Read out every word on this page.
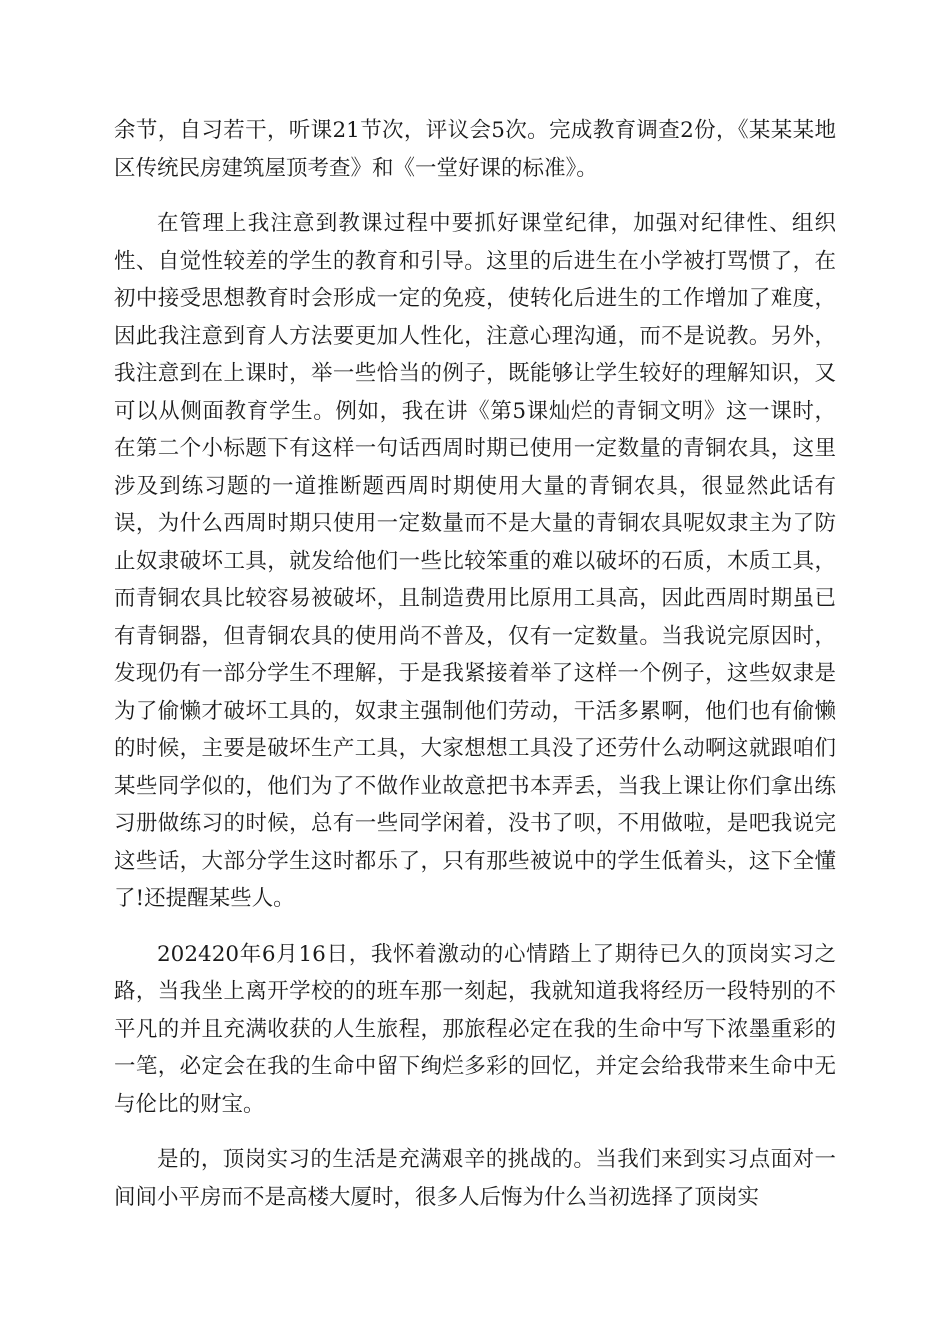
余节，自习若干，听课21节次，评议会5次。完成教育调查2份，《某某某地区传统民房建筑屋顶考查》和《一堂好课的标准》。

在管理上我注意到教课过程中要抓好课堂纪律，加强对纪律性、组织性、自觉性较差的学生的教育和引导。这里的后进生在小学被打骂惯了，在初中接受思想教育时会形成一定的免疫，使转化后进生的工作增加了难度，因此我注意到育人方法要更加人性化，注意心理沟通，而不是说教。另外，我注意到在上课时，举一些恰当的例子，既能够让学生较好的理解知识，又可以从侧面教育学生。例如，我在讲《第5课灿烂的青铜文明》这一课时，在第二个小标题下有这样一句话西周时期已使用一定数量的青铜农具，这里涉及到练习题的一道推断题西周时期使用大量的青铜农具，很显然此话有误，为什么西周时期只使用一定数量而不是大量的青铜农具呢奴隶主为了防止奴隶破坏工具，就发给他们一些比较笨重的难以破坏的石质，木质工具，而青铜农具比较容易被破坏，且制造费用比原用工具高，因此西周时期虽已有青铜器，但青铜农具的使用尚不普及，仅有一定数量。当我说完原因时，发现仍有一部分学生不理解，于是我紧接着举了这样一个例子，这些奴隶是为了偷懒才破坏工具的，奴隶主强制他们劳动，干活多累啊，他们也有偷懒的时候，主要是破坏生产工具，大家想想工具没了还劳什么动啊这就跟咱们某些同学似的，他们为了不做作业故意把书本弄丢，当我上课让你们拿出练习册做练习的时候，总有一些同学闲着，没书了呗，不用做啦，是吧我说完这些话，大部分学生这时都乐了，只有那些被说中的学生低着头，这下全懂了!还提醒某些人。

202420年6月16日，我怀着激动的心情踏上了期待已久的顶岗实习之路，当我坐上离开学校的的班车那一刻起，我就知道我将经历一段特别的不平凡的并且充满收获的人生旅程，那旅程必定在我的生命中写下浓墨重彩的一笔，必定会在我的生命中留下绚烂多彩的回忆，并定会给我带来生命中无与伦比的财宝。

是的，顶岗实习的生活是充满艰辛的挑战的。当我们来到实习点面对一间间小平房而不是高楼大厦时，很多人后悔为什么当初选择了顶岗实
